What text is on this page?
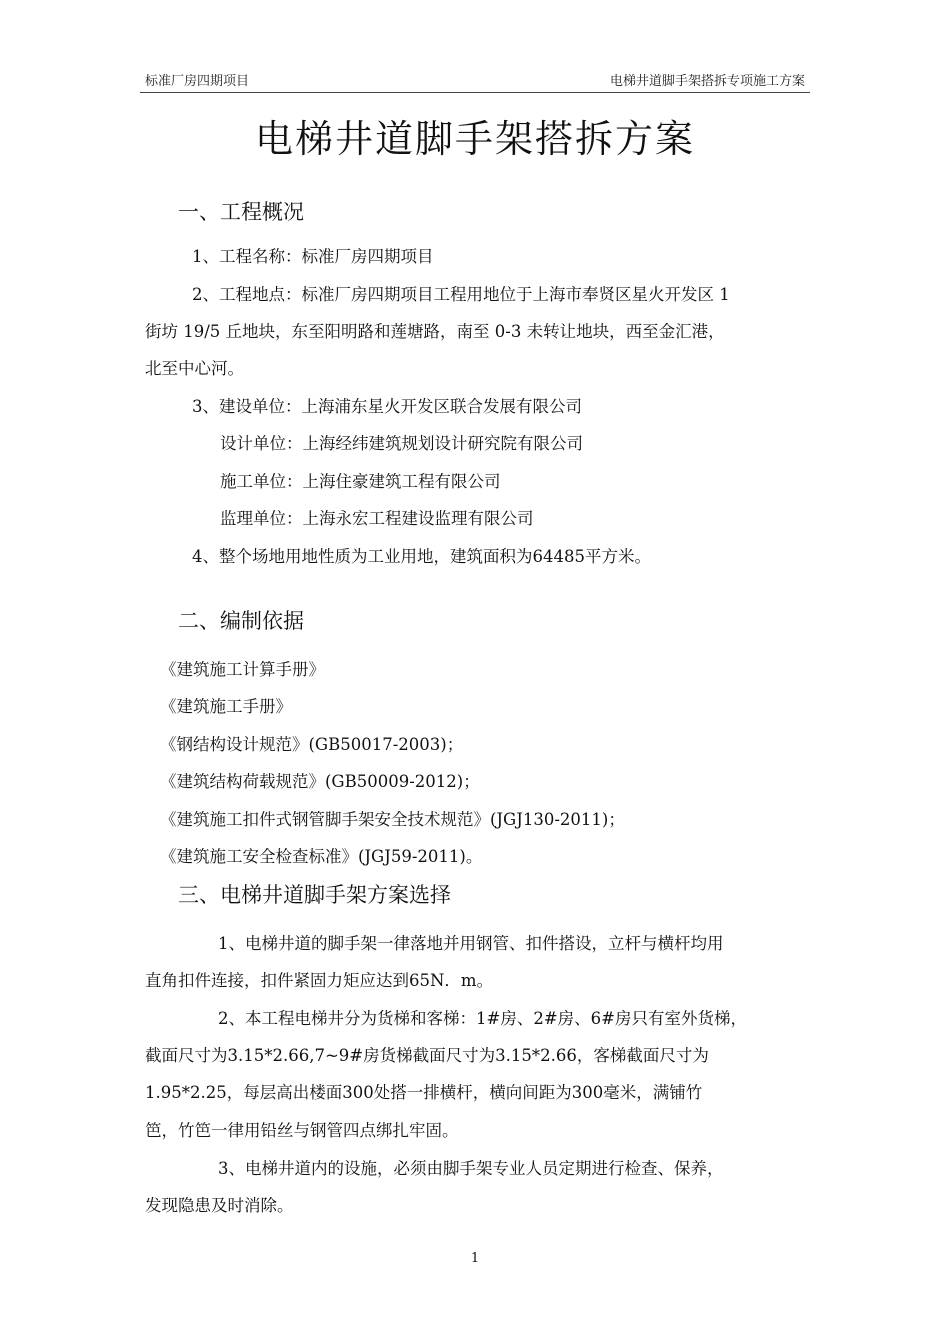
标准厂房四期项目	电梯井道脚手架搭拆专项施工方案
电梯井道脚手架搭拆方案
一、工程概况
1、工程名称：标准厂房四期项目
2、工程地点：标准厂房四期项目工程用地位于上海市奉贤区星火开发区 1
街坊 19/5 丘地块，东至阳明路和莲塘路，南至 0-3 未转让地块，西至金汇港，
北至中心河。
3、建设单位：上海浦东星火开发区联合发展有限公司
设计单位：上海经纬建筑规划设计研究院有限公司
施工单位：上海住豪建筑工程有限公司
监理单位：上海永宏工程建设监理有限公司
4、整个场地用地性质为工业用地，建筑面积为64485平方米。
二、编制依据
《建筑施工计算手册》
《建筑施工手册》
《钢结构设计规范》(GB50017-2003)；
《建筑结构荷载规范》(GB50009-2012)；
《建筑施工扣件式钢管脚手架安全技术规范》(JGJ130-2011)；
《建筑施工安全检查标准》(JGJ59-2011)。
三、电梯井道脚手架方案选择
1、电梯井道的脚手架一律落地并用钢管、扣件搭设，立杆与横杆均用
直角扣件连接，扣件紧固力矩应达到65N．m。
2、本工程电梯井分为货梯和客梯：1#房、2#房、6#房只有室外货梯，
截面尺寸为3.15*2.66,7~9#房货梯截面尺寸为3.15*2.66，客梯截面尺寸为
1.95*2.25，每层高出楼面300处搭一排横杆，横向间距为300毫米，满铺竹
笆，竹笆一律用铅丝与钢管四点绑扎牢固。
3、电梯井道内的设施，必须由脚手架专业人员定期进行检查、保养，
发现隐患及时消除。
1
